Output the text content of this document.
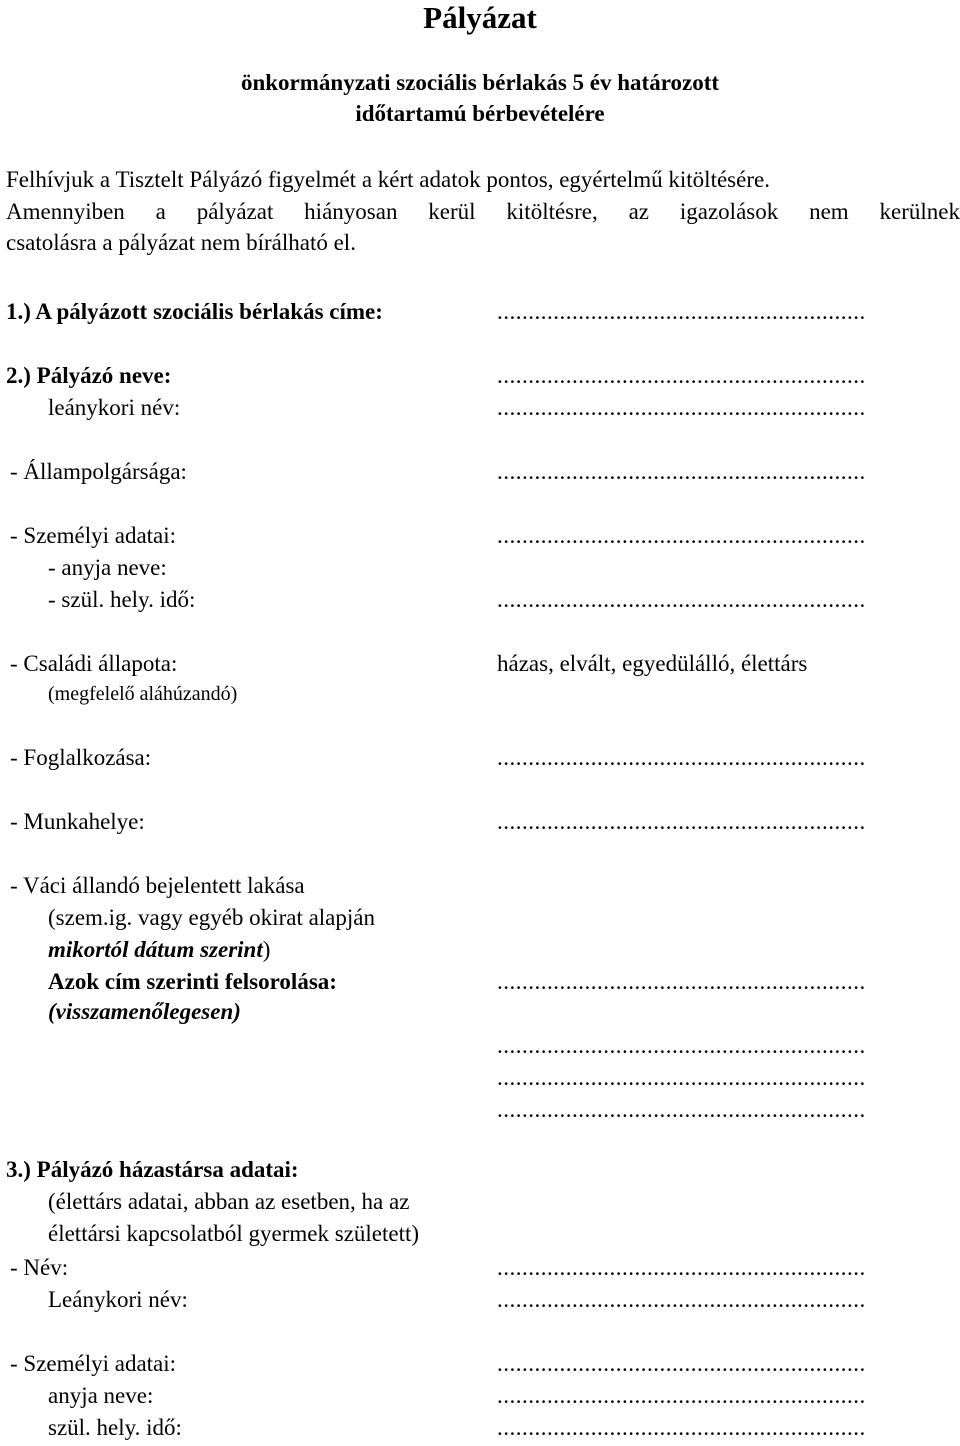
Pályázat
önkormányzati szociális bérlakás 5 év határozott
időtartamú bérbevételére
Felhívjuk a Tisztelt Pályázó figyelmét a kért adatok pontos, egyértelmű kitöltésére.
Amennyiben a pályázat hiányosan kerül kitöltésre, az igazolások nem kerülnek
csatolásra a pályázat nem bírálható el.
1.) A pályázott szociális bérlakás címe:	...........................................................
2.) Pályázó neve:	...........................................................
leánykori név:	...........................................................
- Állampolgársága:	...........................................................
- Személyi adatai:	...........................................................
- anyja neve:
- szül. hely. idő:	...........................................................
- Családi állapota:	házas, elvált, egyedülálló, élettárs
(megfelelő aláhúzandó)
- Foglalkozása:	...........................................................
- Munkahelye:	...........................................................
- Váci állandó bejelentett lakása
(szem.ig. vagy egyéb okirat alapján
mikortól dátum szerint)
Azok cím szerinti felsorolása:	...........................................................
(visszamenőlegesen)
...........................................................
...........................................................
...........................................................
3.) Pályázó házastársa adatai:
(élettárs adatai, abban az esetben, ha az
élettársi kapcsolatból gyermek született)
- Név:	...........................................................
Leánykori név:	...........................................................
- Személyi adatai:	...........................................................
anyja neve:	...........................................................
szül. hely. idő:	...........................................................
